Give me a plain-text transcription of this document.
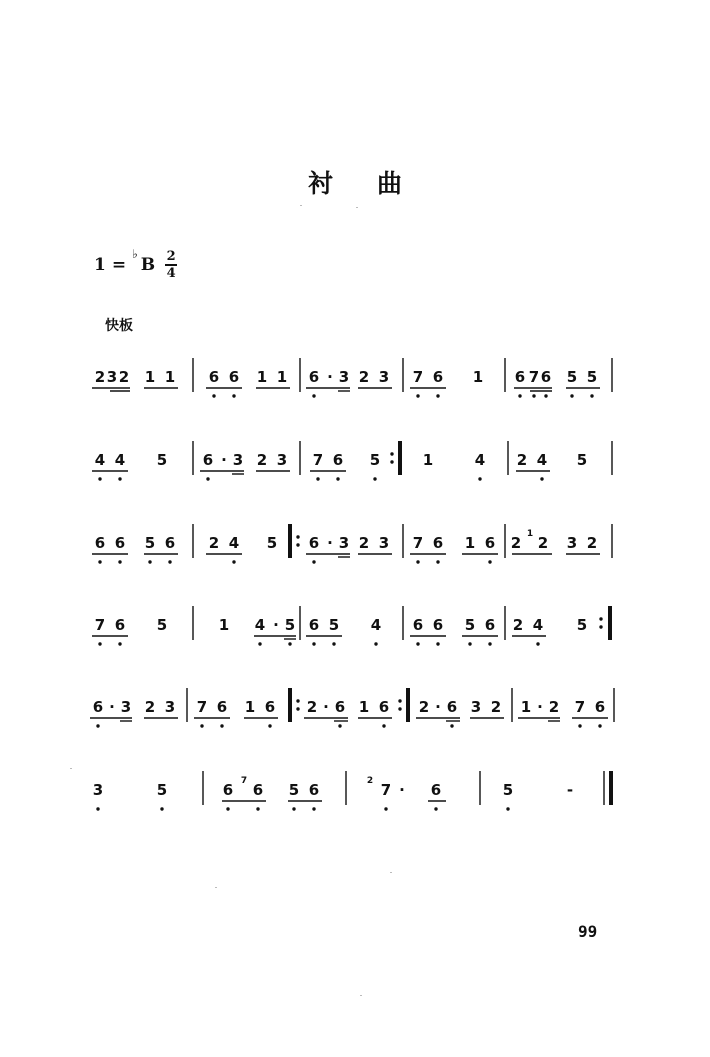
衬 曲
1 =
♭
B $\frac{2}{4}$
快板
2 3 2 1 1 6 6 1 1 6 · 3 2 3 7 6 1 6 7 6 5 5
4 4 5 6 · 3 2 3 7 6 5	1	4 2 4 5
6 6 5 6 2 4 5 6 · 3 2 3 7 6 1 6 2 1 2 3 2
7 6 5	1 4 · 5 6 5 4 6 6 5 6 2 4 5
6 · 3 2 3 7 6 1 6 2 · 6 1 6 2 · 6 3 2 1 · 2 7 6
3	5	6 7 6 5 6	2 7 · 6	5	-
99
